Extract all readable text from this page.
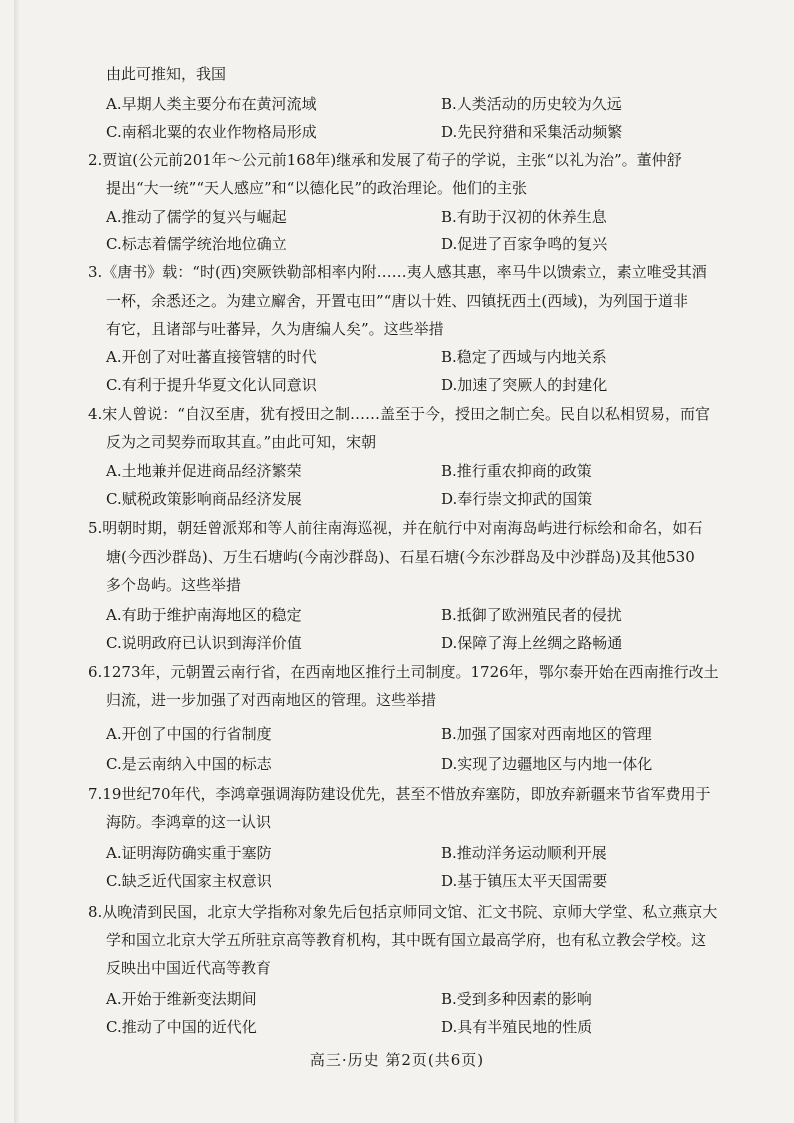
由此可推知，我国
A.早期人类主要分布在黄河流域	B.人类活动的历史较为久远
C.南稻北粟的农业作物格局形成	D.先民狩猎和采集活动频繁
2.贾谊(公元前201年～公元前168年)继承和发展了荀子的学说，主张“以礼为治”。董仲舒
提出“大一统”“天人感应”和“以德化民”的政治理论。他们的主张
A.推动了儒学的复兴与崛起	B.有助于汉初的休养生息
C.标志着儒学统治地位确立	D.促进了百家争鸣的复兴
3.《唐书》载：“时(西)突厥铁勒部相率内附……夷人感其惠，率马牛以馈索立，素立唯受其酒
一杯，余悉还之。为建立廨舍，开置屯田”“唐以十姓、四镇抚西土(西域)，为列国于道非
有它，且诸部与吐蕃异，久为唐编人矣”。这些举措
A.开创了对吐蕃直接管辖的时代	B.稳定了西域与内地关系
C.有利于提升华夏文化认同意识	D.加速了突厥人的封建化
4.宋人曾说：“自汉至唐，犹有授田之制……盖至于今，授田之制亡矣。民自以私相贸易，而官
反为之司契券而取其直。”由此可知，宋朝
A.土地兼并促进商品经济繁荣	B.推行重农抑商的政策
C.赋税政策影响商品经济发展	D.奉行崇文抑武的国策
5.明朝时期，朝廷曾派郑和等人前往南海巡视，并在航行中对南海岛屿进行标绘和命名，如石
塘(今西沙群岛)、万生石塘屿(今南沙群岛)、石星石塘(今东沙群岛及中沙群岛)及其他530
多个岛屿。这些举措
A.有助于维护南海地区的稳定	B.抵御了欧洲殖民者的侵扰
C.说明政府已认识到海洋价值	D.保障了海上丝绸之路畅通
6.1273年，元朝置云南行省，在西南地区推行土司制度。1726年，鄂尔泰开始在西南推行改土
归流，进一步加强了对西南地区的管理。这些举措
A.开创了中国的行省制度	B.加强了国家对西南地区的管理
C.是云南纳入中国的标志	D.实现了边疆地区与内地一体化
7.19世纪70年代，李鸿章强调海防建设优先，甚至不惜放弃塞防，即放弃新疆来节省军费用于
海防。李鸿章的这一认识
A.证明海防确实重于塞防	B.推动洋务运动顺利开展
C.缺乏近代国家主权意识	D.基于镇压太平天国需要
8.从晚清到民国，北京大学指称对象先后包括京师同文馆、汇文书院、京师大学堂、私立燕京大
学和国立北京大学五所驻京高等教育机构，其中既有国立最高学府，也有私立教会学校。这
反映出中国近代高等教育
A.开始于维新变法期间	B.受到多种因素的影响
C.推动了中国的近代化	D.具有半殖民地的性质
高三·历史 第2页(共6页)
